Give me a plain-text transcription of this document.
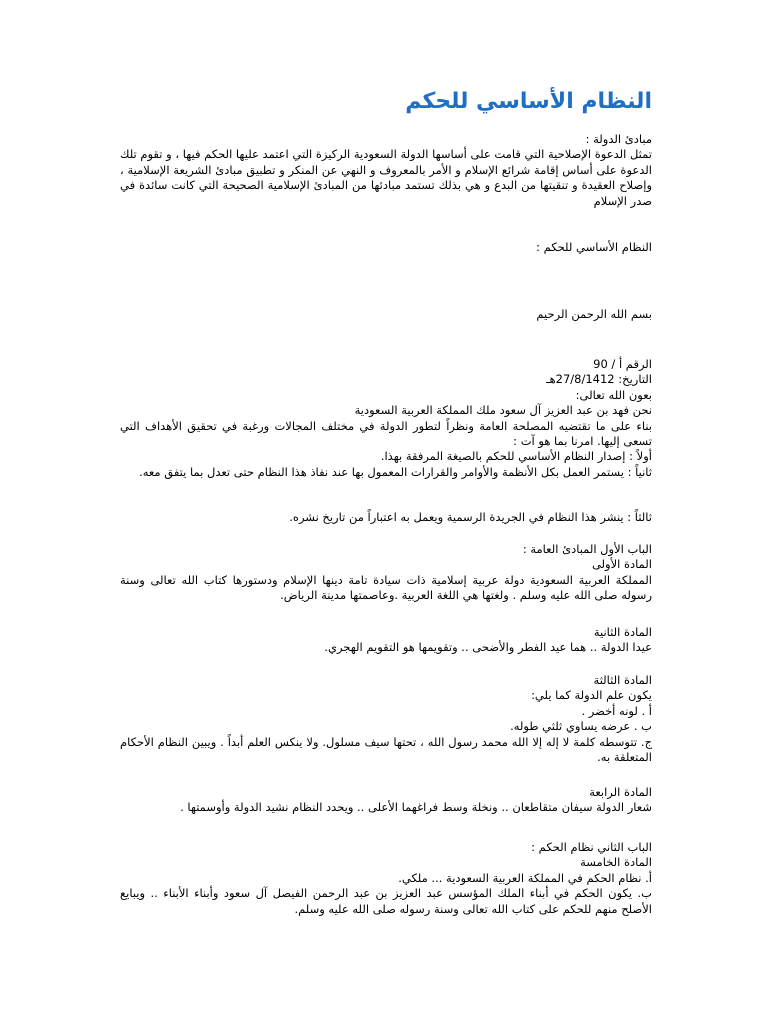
النظام الأساسي للحكم
مبادئ الدولة :
تمثل الدعوة الإصلاحية التي قامت على أساسها الدولة السعودية الركيزة التي اعتمد عليها الحكم فيها ، و تقوم تلك الدعوة على أساس إقامة شرائع الإسلام و الأمر بالمعروف و النهي عن المنكر و تطبيق مبادئ الشريعة الإسلامية ، وإصلاح العقيدة و تنقيتها من البدع و هي بذلك تستمد مبادئها من المبادئ الإسلامية الصحيحة التي كانت سائدة في صدر الإسلام
النظام الأساسي للحكم :
بسم الله الرحمن الرحيم
الرقم أ / 90
التاريخ: 27/8/1412هـ
بعون الله تعالى:
نحن فهد بن عبد العزيز آل سعود ملك المملكة العربية السعودية
بناء على ما تقتضيه المصلحة العامة ونظراً لتطور الدولة في مختلف المجالات ورغبة في تحقيق الأهداف التي تسعى إليها. امرنا بما هو آت :
أولاً : إصدار النظام الأساسي للحكم بالصيغة المرفقة بهذا.
ثانياً : يستمر العمل بكل الأنظمة والأوامر والقرارات المعمول بها عند نفاذ هذا النظام حتى تعدل بما يتفق معه.
ثالثاً : ينشر هذا النظام في الجريدة الرسمية ويعمل به اعتباراً من تاريخ نشره.
الباب الأول المبادئ العامة :
المادة الأولى
المملكة العربية السعودية دولة عربية إسلامية ذات سيادة تامة دينها الإسلام ودستورها كتاب الله تعالى وسنة رسوله صلى الله عليه وسلم . ولغتها هي اللغة العربية .وعاصمتها مدينة الرياض.
المادة الثانية
عيدا الدولة .. هما عيد الفطر والأضحى .. وتقويمها هو التقويم الهجري.
المادة الثالثة
يكون علم الدولة كما يلي:
أ . لونه أخضر .
ب . عرضه يساوي ثلثي طوله.
ج. تتوسطه كلمة لا إله إلا الله محمد رسول الله ، تحتها سيف مسلول. ولا ينكس العلم أبداً . ويبين النظام الأحكام المتعلقة به.
المادة الرابعة
شعار الدولة سيفان متقاطعان .. ونخلة وسط فراغهما الأعلى .. ويحدد النظام نشيد الدولة وأوسمتها .
الباب الثاني نظام الحكم :
المادة الخامسة
أ. نظام الحكم في المملكة العربية السعودية ... ملكي.
ب. يكون الحكم في أبناء الملك المؤسس عبد العزيز بن عبد الرحمن الفيصل آل سعود وأبناء الأبناء .. ويبايع الأصلح منهم للحكم على كتاب الله تعالى وسنة رسوله صلى الله عليه وسلم.
